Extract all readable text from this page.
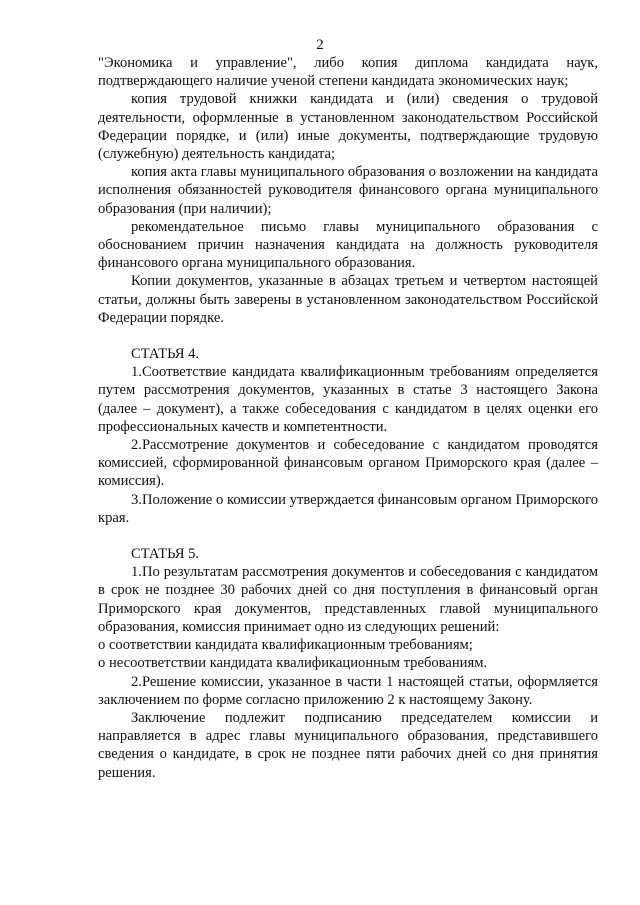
2

"Экономика и управление", либо копия диплома кандидата наук, подтверждающего наличие ученой степени кандидата экономических наук;

копия трудовой книжки кандидата и (или) сведения о трудовой деятельности, оформленные в установленном законодательством Российской Федерации порядке, и (или) иные документы, подтверждающие трудовую (служебную) деятельность кандидата;

копия акта главы муниципального образования о возложении на кандидата исполнения обязанностей руководителя финансового органа муниципального образования (при наличии);

рекомендательное письмо главы муниципального образования с обоснованием причин назначения кандидата на должность руководителя финансового органа муниципального образования.

Копии документов, указанные в абзацах третьем и четвертом настоящей статьи, должны быть заверены в установленном законодательством Российской Федерации порядке.

СТАТЬЯ 4.

1.Соответствие кандидата квалификационным требованиям определяется путем рассмотрения документов, указанных в статье 3 настоящего Закона (далее – документ), а также собеседования с кандидатом в целях оценки его профессиональных качеств и компетентности.

2.Рассмотрение документов и собеседование с кандидатом проводятся комиссией, сформированной финансовым органом Приморского края (далее – комиссия).

3.Положение о комиссии утверждается финансовым органом Приморского края.

СТАТЬЯ 5.

1.По результатам рассмотрения документов и собеседования с кандидатом в срок не позднее 30 рабочих дней со дня поступления в финансовый орган Приморского края документов, представленных главой муниципального образования, комиссия принимает одно из следующих решений:

о соответствии кандидата квалификационным требованиям;

о несоответствии кандидата квалификационным требованиям.

2.Решение комиссии, указанное в части 1 настоящей статьи, оформляется заключением по форме согласно приложению 2 к настоящему Закону.

Заключение подлежит подписанию председателем комиссии и направляется в адрес главы муниципального образования, представившего сведения о кандидате, в срок не позднее пяти рабочих дней со дня принятия решения.
